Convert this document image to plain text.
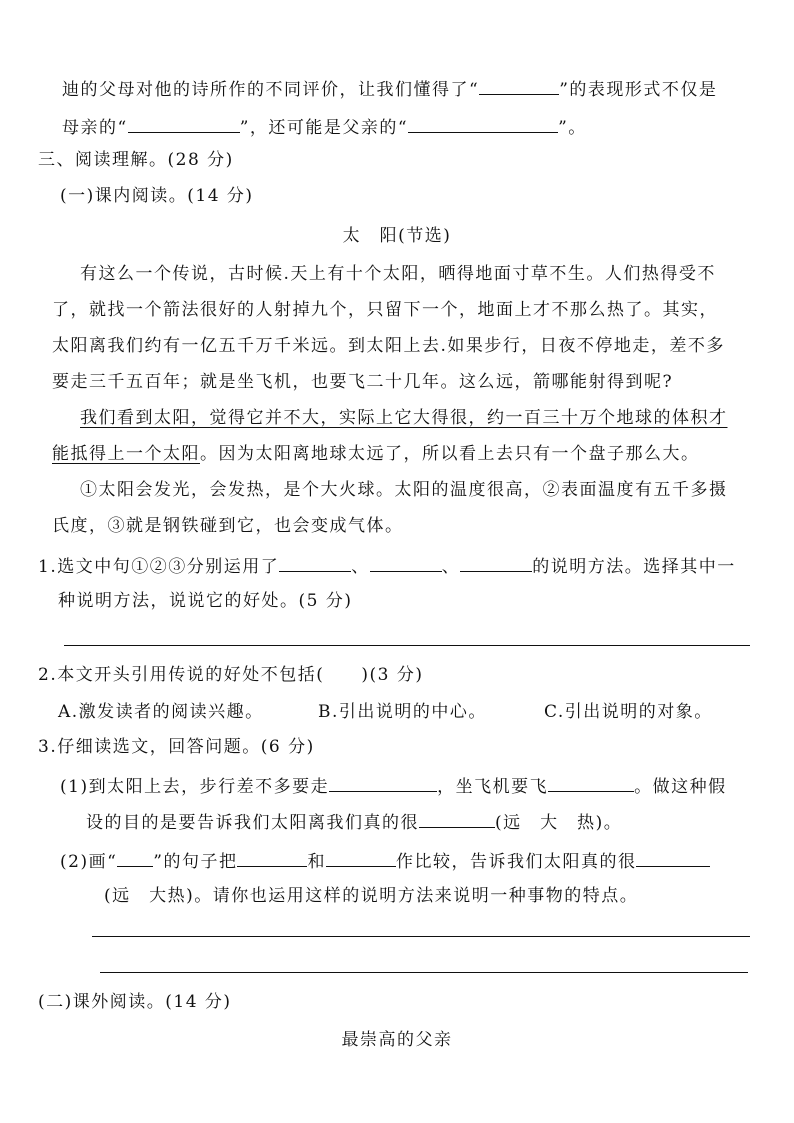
迪的父母对他的诗所作的不同评价，让我们懂得了“	”的表现形式不仅是
母亲的“	”，还可能是父亲的“	”。
三、阅读理解。(28 分)
(一)课内阅读。(14 分)
太　阳(节选)
有这么一个传说，古时候.天上有十个太阳，晒得地面寸草不生。人们热得受不
了，就找一个箭法很好的人射掉九个，只留下一个，地面上才不那么热了。其实，
太阳离我们约有一亿五千万千米远。到太阳上去.如果步行，日夜不停地走，差不多
要走三千五百年；就是坐飞机，也要飞二十几年。这么远，箭哪能射得到呢?
我们看到太阳，觉得它并不大，实际上它大得很，约一百三十万个地球的体积才
能抵得上一个太阳。因为太阳离地球太远了，所以看上去只有一个盘子那么大。
①太阳会发光，会发热，是个大火球。太阳的温度很高，②表面温度有五千多摄
氏度，③就是钢铁碰到它，也会变成气体。
1.选文中句①②③分别运用了	、	、	的说明方法。选择其中一
种说明方法，说说它的好处。(5 分)
2.本文开头引用传说的好处不包括(　　)(3 分)
A.激发读者的阅读兴趣。	B.引出说明的中心。	C.引出说明的对象。
3.仔细读选文，回答问题。(6 分)
(1)到太阳上去，步行差不多要走	，坐飞机要飞	。做这种假
设的目的是要告诉我们太阳离我们真的很	(远　大　热)。
(2)画“ ”的句子把	和	作比较，告诉我们太阳真的很
(远　大热)。请你也运用这样的说明方法来说明一种事物的特点。
(二)课外阅读。(14 分)
最崇高的父亲
